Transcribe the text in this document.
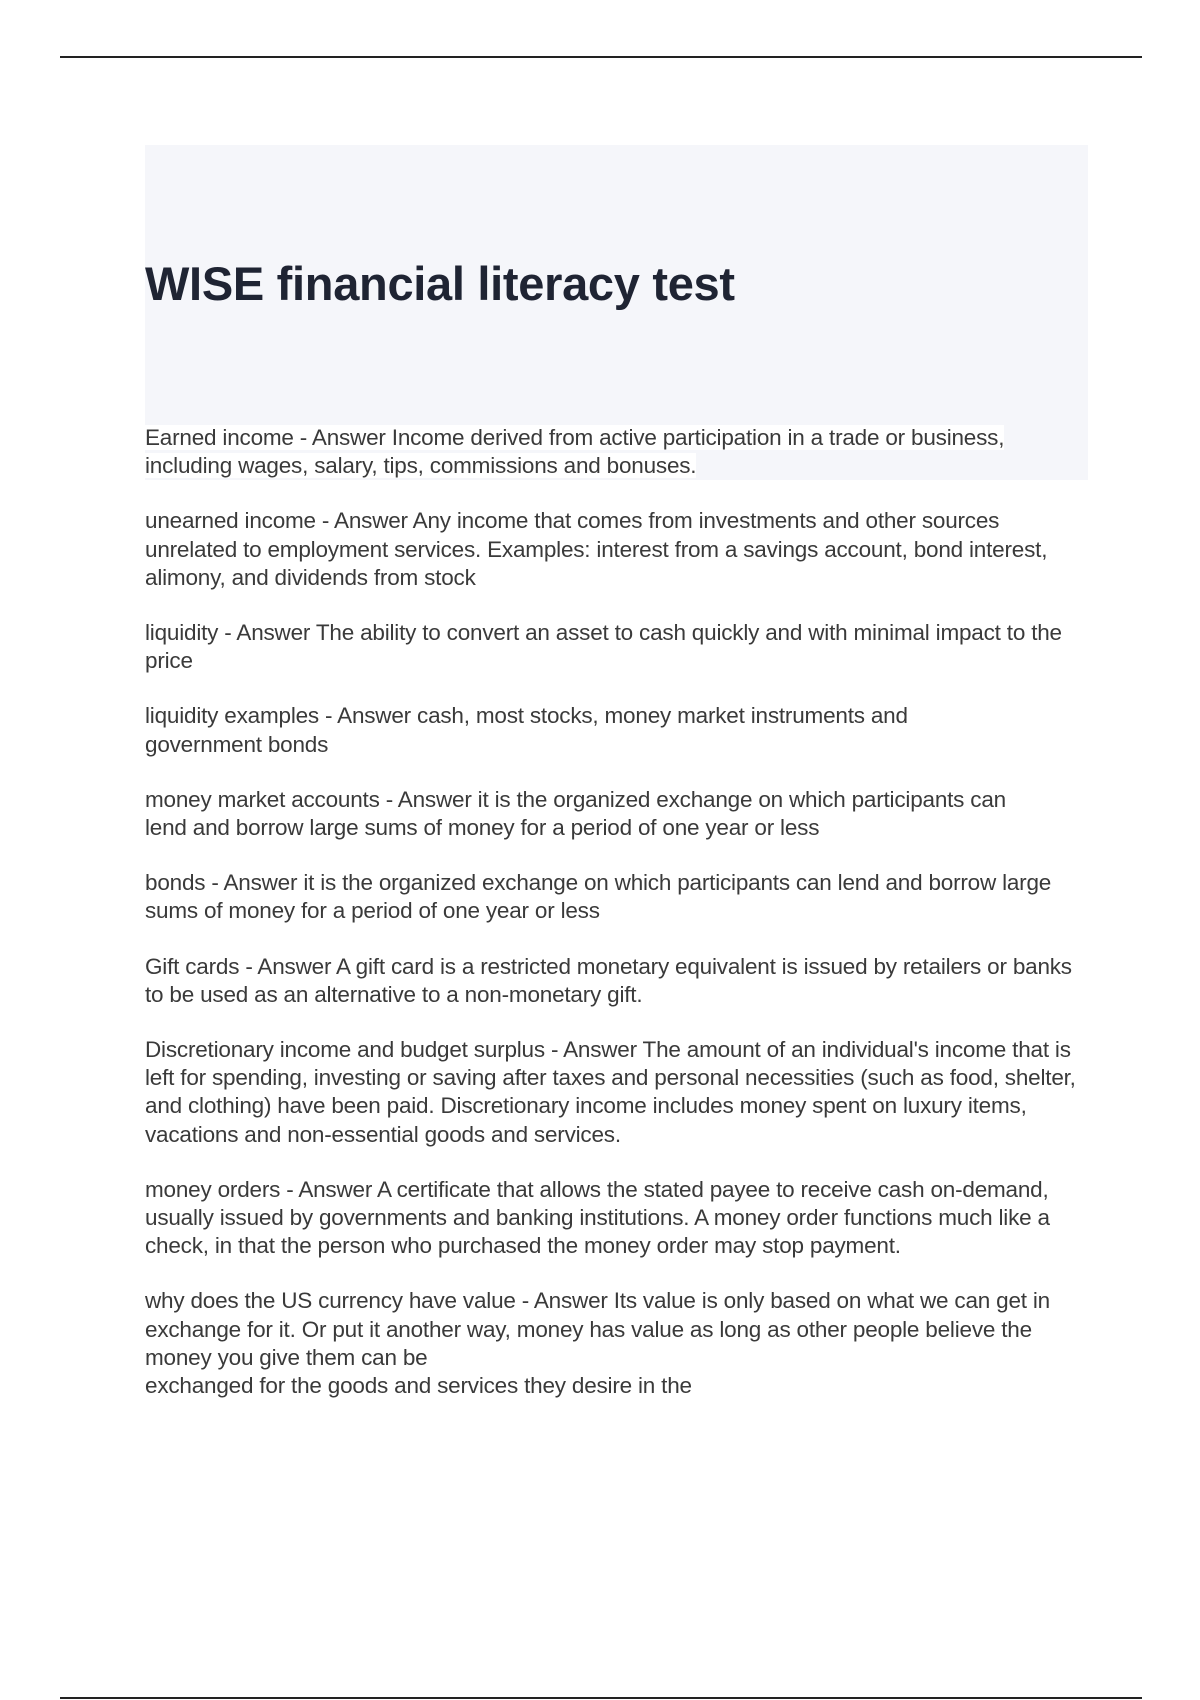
WISE financial literacy test

Earned income - Answer Income derived from active participation in a trade or business, including wages, salary, tips, commissions and bonuses.

unearned income - Answer Any income that comes from investments and other sources unrelated to employment services. Examples: interest from a savings account, bond interest, alimony, and dividends from stock

liquidity - Answer The ability to convert an asset to cash quickly and with minimal impact to the price

liquidity examples - Answer cash, most stocks, money market instruments and government bonds

money market accounts - Answer it is the organized exchange on which participants can lend and borrow large sums of money for a period of one year or less

bonds - Answer it is the organized exchange on which participants can lend and borrow large sums of money for a period of one year or less

Gift cards - Answer A gift card is a restricted monetary equivalent is issued by retailers or banks to be used as an alternative to a non-monetary gift.

Discretionary income and budget surplus - Answer The amount of an individual's income that is left for spending, investing or saving after taxes and personal necessities (such as food, shelter, and clothing) have been paid. Discretionary income includes money spent on luxury items, vacations and non-essential goods and services.

money orders - Answer A certificate that allows the stated payee to receive cash on-demand, usually issued by governments and banking institutions. A money order functions much like a check, in that the person who purchased the money order may stop payment.

why does the US currency have value - Answer Its value is only based on what we can get in exchange for it. Or put it another way, money has value as long as other people believe the money you give them can be
exchanged for the goods and services they desire in the
